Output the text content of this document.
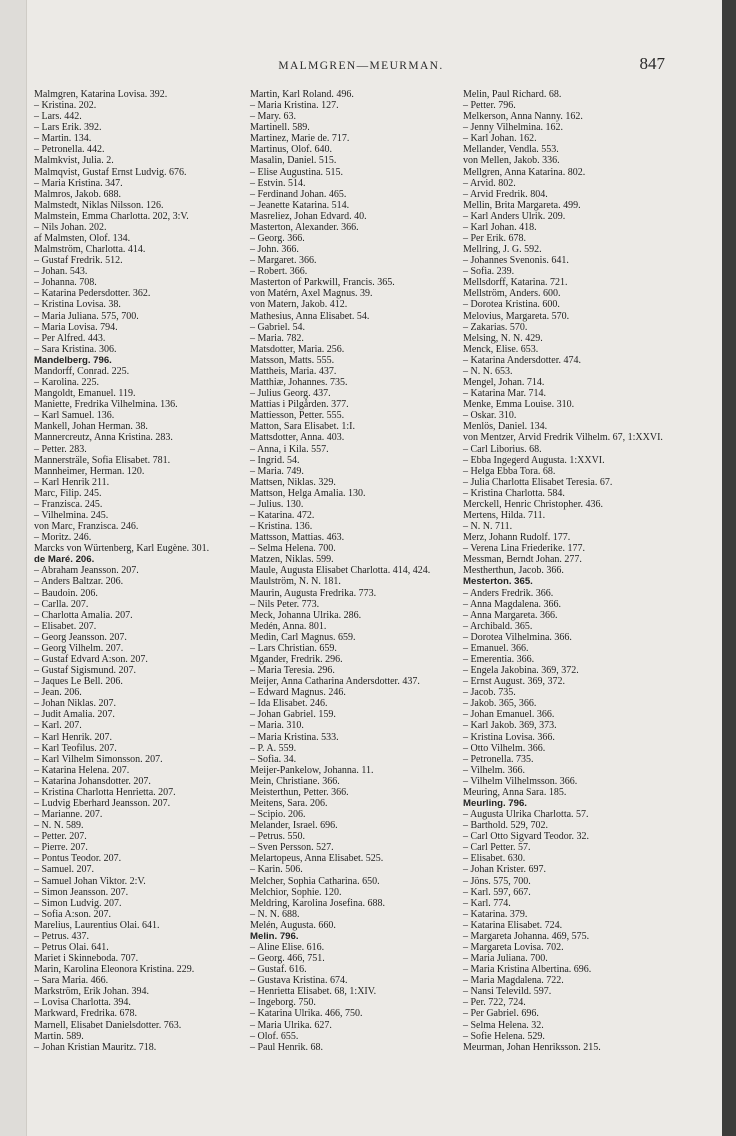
MALMGREN—MEURMAN.	847
Malmgren, Katarina Lovisa. 392.
– Kristina. 202.
– Lars. 442.
– Lars Erik. 392.
– Martin. 134.
– Petronella. 442.
Malmkvist, Julia. 2.
Malmqvist, Gustaf Ernst Ludvig. 676.
– Maria Kristina. 347.
Malmros, Jakob. 688.
Malmstedt, Niklas Nilsson. 126.
Malmstein, Emma Charlotta. 202, 3:V.
– Nils Johan. 202.
af Malmsten, Olof. 134.
Malmström, Charlotta. 414.
– Gustaf Fredrik. 512.
– Johan. 543.
– Johanna. 708.
– Katarina Pedersdotter. 362.
– Kristina Lovisa. 38.
– Maria Juliana. 575, 700.
– Maria Lovisa. 794.
– Per Alfred. 443.
– Sara Kristina. 306.
Mandelberg. 796.
Mandorff, Conrad. 225.
– Karolina. 225.
Mangoldt, Emanuel. 119.
Maniette, Fredrika Vilhelmina. 136.
– Karl Samuel. 136.
Mankell, Johan Herman. 38.
Mannercreutz, Anna Kristina. 283.
– Petter. 283.
Mannersträle, Sofia Elisabet. 781.
Mannheimer, Herman. 120.
– Karl Henrik 211.
Marc, Filip. 245.
– Franzisca. 245.
– Vilhelmina. 245.
von Marc, Franzisca. 246.
– Moritz. 246.
Marcks von Würtenberg, Karl Eugène. 301.
de Maré. 206.
– Abraham Jeansson. 207.
– Anders Baltzar. 206.
– Baudoin. 206.
– Carlla. 207.
– Charlotta Amalia. 207.
– Elisabet. 207.
– Georg Jeansson. 207.
– Georg Vilhelm. 207.
– Gustaf Edvard A:son. 207.
– Gustaf Sigismund. 207.
– Jaques Le Bell. 206.
– Jean. 206.
– Johan Niklas. 207.
– Judit Amalia. 207.
– Karl. 207.
– Karl Henrik. 207.
– Karl Teofilus. 207.
– Karl Vilhelm Simonsson. 207.
– Katarina Helena. 207.
– Katarina Johansdotter. 207.
– Kristina Charlotta Henrietta. 207.
– Ludvig Eberhard Jeansson. 207.
– Marianne. 207.
– N. N. 589.
– Petter. 207.
– Pierre. 207.
– Pontus Teodor. 207.
– Samuel. 207.
– Samuel Johan Viktor. 2:V.
– Simon Jeansson. 207.
– Simon Ludvig. 207.
– Sofia A:son. 207.
Marelius, Laurentius Olai. 641.
– Petrus. 437.
– Petrus Olai. 641.
Mariet i Skinneboda. 707.
Marin, Karolina Eleonora Kristina. 229.
– Sara Maria. 466.
Markström, Erik Johan. 394.
– Lovisa Charlotta. 394.
Markward, Fredrika. 678.
Marnell, Elisabet Danielsdotter. 763.
Martin. 589.
– Johan Kristian Mauritz. 718.
Martin, Karl Roland. 496.
– Maria Kristina. 127.
– Mary. 63.
Martinell. 589.
Martinez, Marie de. 717.
Martinus, Olof. 640.
Masalin, Daniel. 515.
– Elise Augustina. 515.
– Estvin. 514.
– Ferdinand Johan. 465.
– Jeanette Katarina. 514.
Masreliez, Johan Edvard. 40.
Masterton, Alexander. 366.
– Georg. 366.
– John. 366.
– Margaret. 366.
– Robert. 366.
Masterton of Parkwill, Francis. 365.
von Matérn, Axel Magnus. 39.
von Matern, Jakob. 412.
Mathesius, Anna Elisabet. 54.
– Gabriel. 54.
– Maria. 782.
Matsdotter, Maria. 256.
Matsson, Matts. 555.
Mattheis, Maria. 437.
Matthiæ, Johannes. 735.
– Julius Georg. 437.
Mattias i Pilgården. 377.
Mattiesson, Petter. 555.
Matton, Sara Elisabet. 1:I.
Mattsdotter, Anna. 403.
– Anna, i Kila. 557.
– Ingrid. 54.
– Maria. 749.
Mattsen, Niklas. 329.
Mattson, Helga Amalia. 130.
– Julius. 130.
– Katarina. 472.
– Kristina. 136.
Mattsson, Mattias. 463.
– Selma Helena. 700.
Matzen, Niklas. 599.
Maule, Augusta Elisabet Charlotta. 414, 424.
Maulström, N. N. 181.
Maurin, Augusta Fredrika. 773.
– Nils Peter. 773.
Meck, Johanna Ulrika. 286.
Medén, Anna. 801.
Medin, Carl Magnus. 659.
– Lars Christian. 659.
Mgander, Fredrik. 296.
– Maria Teresia. 296.
Meijer, Anna Catharina Andersdotter. 437.
– Edward Magnus. 246.
– Ida Elisabet. 246.
– Johan Gabriel. 159.
– Maria. 310.
– Maria Kristina. 533.
– P. A. 559.
– Sofia. 34.
Meijer-Pankelow, Johanna. 11.
Mein, Christiane. 366.
Meisterthun, Petter. 366.
Meitens, Sara. 206.
– Scipio. 206.
Melander, Israel. 696.
– Petrus. 550.
– Sven Persson. 527.
Melartopeus, Anna Elisabet. 525.
– Karin. 506.
Melcher, Sophia Catharina. 650.
Melchior, Sophie. 120.
Meldring, Karolina Josefina. 688.
– N. N. 688.
Melén, Augusta. 660.
Melin. 796.
– Aline Elise. 616.
– Georg. 466, 751.
– Gustaf. 616.
– Gustava Kristina. 674.
– Henrietta Elisabet. 68, 1:XIV.
– Ingeborg. 750.
– Katarina Ulrika. 466, 750.
– Maria Ulrika. 627.
– Olof. 655.
– Paul Henrik. 68.
Melin, Paul Richard. 68.
– Petter. 796.
Melkerson, Anna Nanny. 162.
– Jenny Vilhelmina. 162.
– Karl Johan. 162.
Mellander, Vendla. 553.
von Mellen, Jakob. 336.
Mellgren, Anna Katarina. 802.
– Arvid. 802.
– Arvid Fredrik. 804.
Mellin, Brita Margareta. 499.
– Karl Anders Ulrik. 209.
– Karl Johan. 418.
– Per Erik. 678.
Mellring, J. G. 592.
– Johannes Svenonis. 641.
– Sofia. 239.
Mellsdorff, Katarina. 721.
Mellström, Anders. 600.
– Dorotea Kristina. 600.
Melovius, Margareta. 570.
– Zakarias. 570.
Melsing, N. N. 429.
Menck, Elise. 653.
– Katarina Andersdotter. 474.
– N. N. 653.
Mengel, Johan. 714.
– Katarina Mar. 714.
Menke, Emma Louise. 310.
– Oskar. 310.
Menlös, Daniel. 134.
von Mentzer, Arvid Fredrik Vilhelm. 67, 1:XXVI.
– Carl Liborius. 68.
– Ebba Ingegerd Augusta. 1:XXVI.
– Helga Ebba Tora. 68.
– Julia Charlotta Elisabet Teresia. 67.
– Kristina Charlotta. 584.
Merckell, Henric Christopher. 436.
Mertens, Hilda. 711.
– N. N. 711.
Merz, Johann Rudolf. 177.
– Verena Lina Friederike. 177.
Messman, Berndt Johan. 277.
Mestherthun, Jacob. 366.
Mesterton. 365.
– Anders Fredrik. 366.
– Anna Magdalena. 366.
– Anna Margareta. 366.
– Archibald. 365.
– Dorotea Vilhelmina. 366.
– Emanuel. 366.
– Emerentia. 366.
– Engela Jakobina. 369, 372.
– Ernst August. 369, 372.
– Jacob. 735.
– Jakob. 365, 366.
– Johan Emanuel. 366.
– Karl Jakob. 369, 373.
– Kristina Lovisa. 366.
– Otto Vilhelm. 366.
– Petronella. 735.
– Vilhelm. 366.
– Vilhelm Vilhelmsson. 366.
Meuring, Anna Sara. 185.
Meurling. 796.
– Augusta Ulrika Charlotta. 57.
– Barthold. 529, 702.
– Carl Otto Sigvard Teodor. 32.
– Carl Petter. 57.
– Elisabet. 630.
– Johan Krister. 697.
– Jöns. 575, 700.
– Karl. 597, 667.
– Karl. 774.
– Katarina. 379.
– Katarina Elisabet. 724.
– Margareta Johanna. 469, 575.
– Margareta Lovisa. 702.
– Maria Juliana. 700.
– Maria Kristina Albertina. 696.
– Maria Magdalena. 722.
– Nansi Televild. 597.
– Per. 722, 724.
– Per Gabriel. 696.
– Selma Helena. 32.
– Sofie Helena. 529.
Meurman, Johan Henriksson. 215.
